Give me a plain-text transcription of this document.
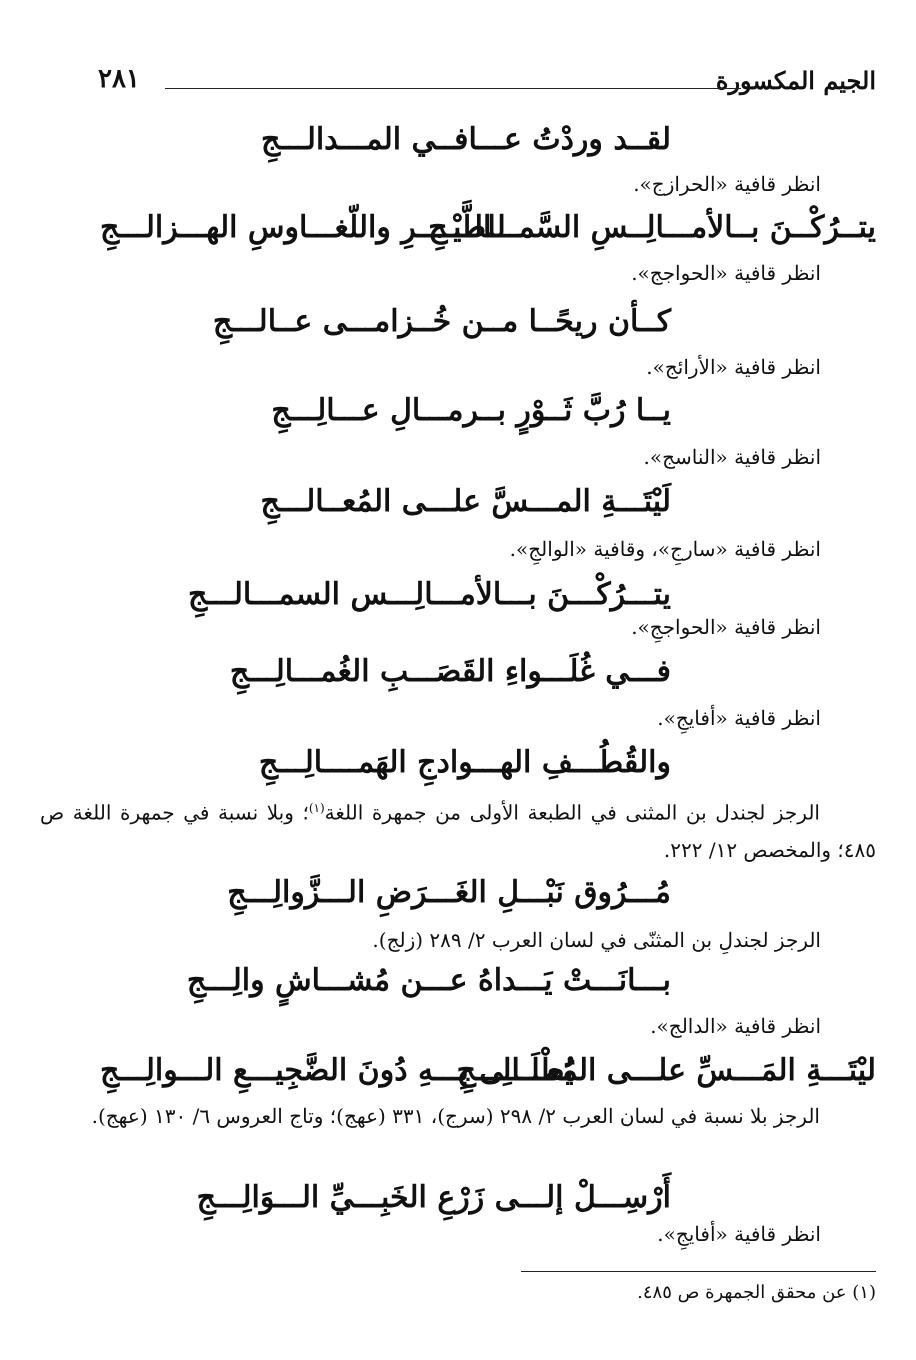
الجيم المكسورة
٢٨١
لقــد وردْتُ عـــافــي المـــدالـــجِ
انظر قافية «الحرازج».
يتــرُكْــنَ بــالأمـــالِــسِ السَّمـــالـــجِ
للطَّيْــــرِ واللّغـــاوسِ الهـــزالـــجِ
انظر قافية «الحواجج».
كــأن ريحًــا مــن خُــزامـــى عــالـــجِ
انظر قافية «الأرائج».
يــا رُبَّ ثَــوْرٍ بــرمـــالِ عـــالِـــجِ
انظر قافية «الناسج».
لَيْتَـــةِ المـــسَّ علـــى المُعــالـــجِ
انظر قافية «سارجِ»، وقافية «الوالجِ».
يتـــرُكْـــنَ بـــالأمـــالِـــس السمـــالـــجِ
انظر قافية «الحواججِ».
فـــي غُلَـــواءِ القَصَـــبِ الغُمـــالِـــجِ
انظر قافية «أفايجِ».
والقُطُـــفِ الهـــوادجِ الهَمــــالِـــجِ
الرجز لجندل بن المثنى في الطبعة الأولى من جمهرة اللغة$^{(١)}$؛ وبلا نسبة في جمهرة اللغة ص ٤٨٥؛ والمخصص ١٢/ ٢٢٢.
مُـــرُوق نَبْـــلِ الغَـــرَضِ الـــزَّوالِـــجِ
الرجز لجندلِ بن المثنّى في لسان العرب ٢/ ٢٨٩ (زلج).
بـــانَـــتْ يَـــداهُ عـــن مُشـــاشٍ والِـــجِ
انظر قافية «الدالج».
ليْتَـــةِ المَـــسِّ علـــى المُعـــالِـــجِ
يُطْلَـــى بِـــهِ دُونَ الضَّجِيـــعِ الـــوالِـــجِ
الرجز بلا نسبة في لسان العرب ٢/ ٢٩٨ (سرج)، ٣٣١ (عهج)؛ وتاج العروس ٦/ ١٣٠ (عهج).
أَرْسِـــلْ إلـــى زَرْعِ الخَبِـــيِّ الـــوَالِـــجِ
انظر قافية «أفايجِ».
(١) عن محقق الجمهرة ص ٤٨٥.
